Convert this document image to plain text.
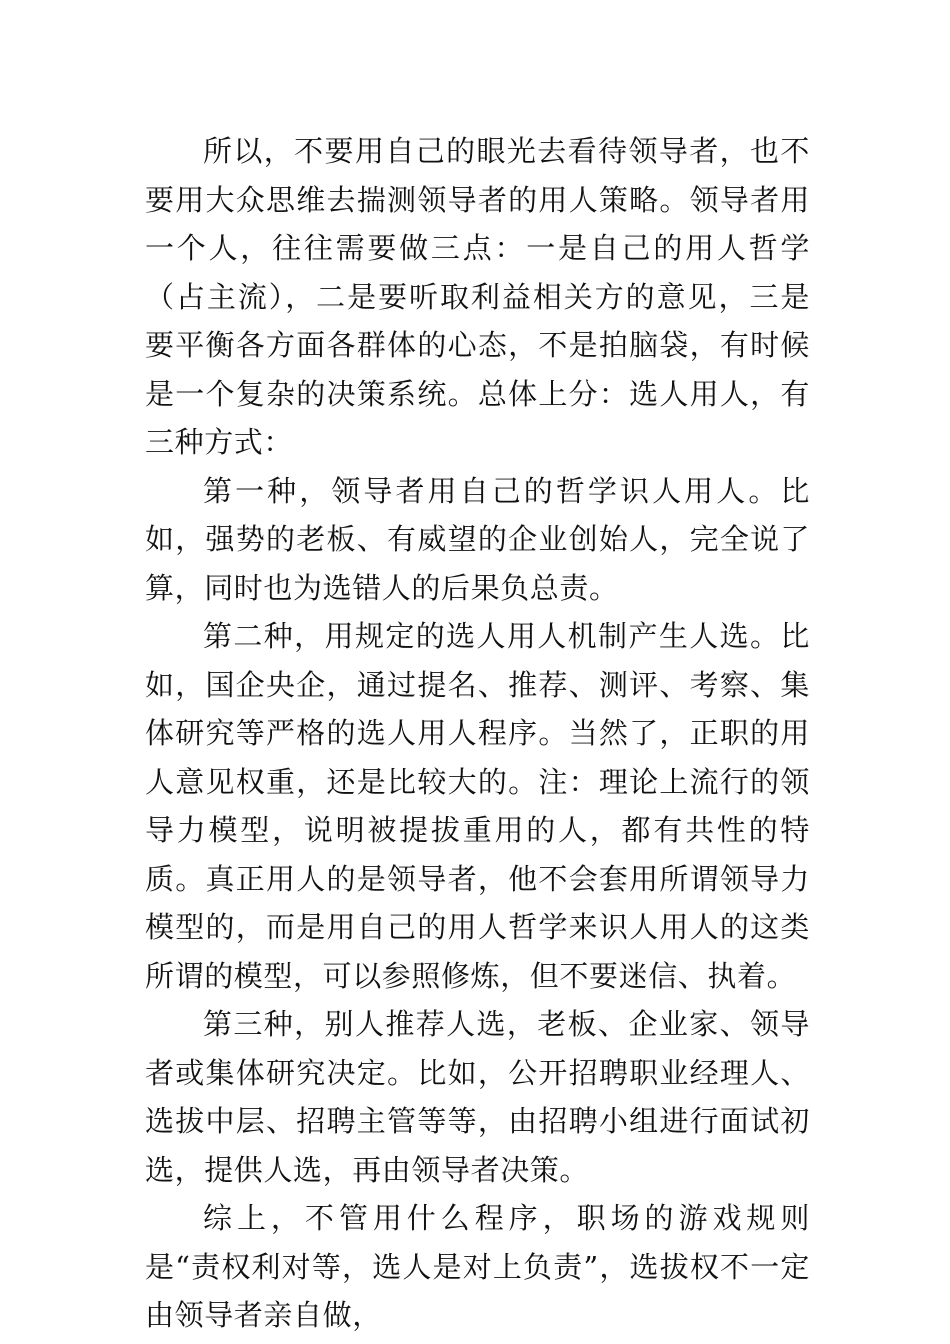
所以，不要用自己的眼光去看待领导者，也不要用大众思维去揣测领导者的用人策略。领导者用一个人，往往需要做三点：一是自己的用人哲学（占主流），二是要听取利益相关方的意见，三是要平衡各方面各群体的心态，不是拍脑袋，有时候是一个复杂的决策系统。总体上分：选人用人，有三种方式：

第一种，领导者用自己的哲学识人用人。比如，强势的老板、有威望的企业创始人，完全说了算，同时也为选错人的后果负总责。

第二种，用规定的选人用人机制产生人选。比如，国企央企，通过提名、推荐、测评、考察、集体研究等严格的选人用人程序。当然了，正职的用人意见权重，还是比较大的。注：理论上流行的领导力模型，说明被提拔重用的人，都有共性的特质。真正用人的是领导者，他不会套用所谓领导力模型的，而是用自己的用人哲学来识人用人的这类所谓的模型，可以参照修炼，但不要迷信、执着。

第三种，别人推荐人选，老板、企业家、领导者或集体研究决定。比如，公开招聘职业经理人、选拔中层、招聘主管等等，由招聘小组进行面试初选，提供人选，再由领导者决策。

综上，不管用什么程序，职场的游戏规则是“责权利对等，选人是对上负责”，选拔权不一定由领导者亲自做，
